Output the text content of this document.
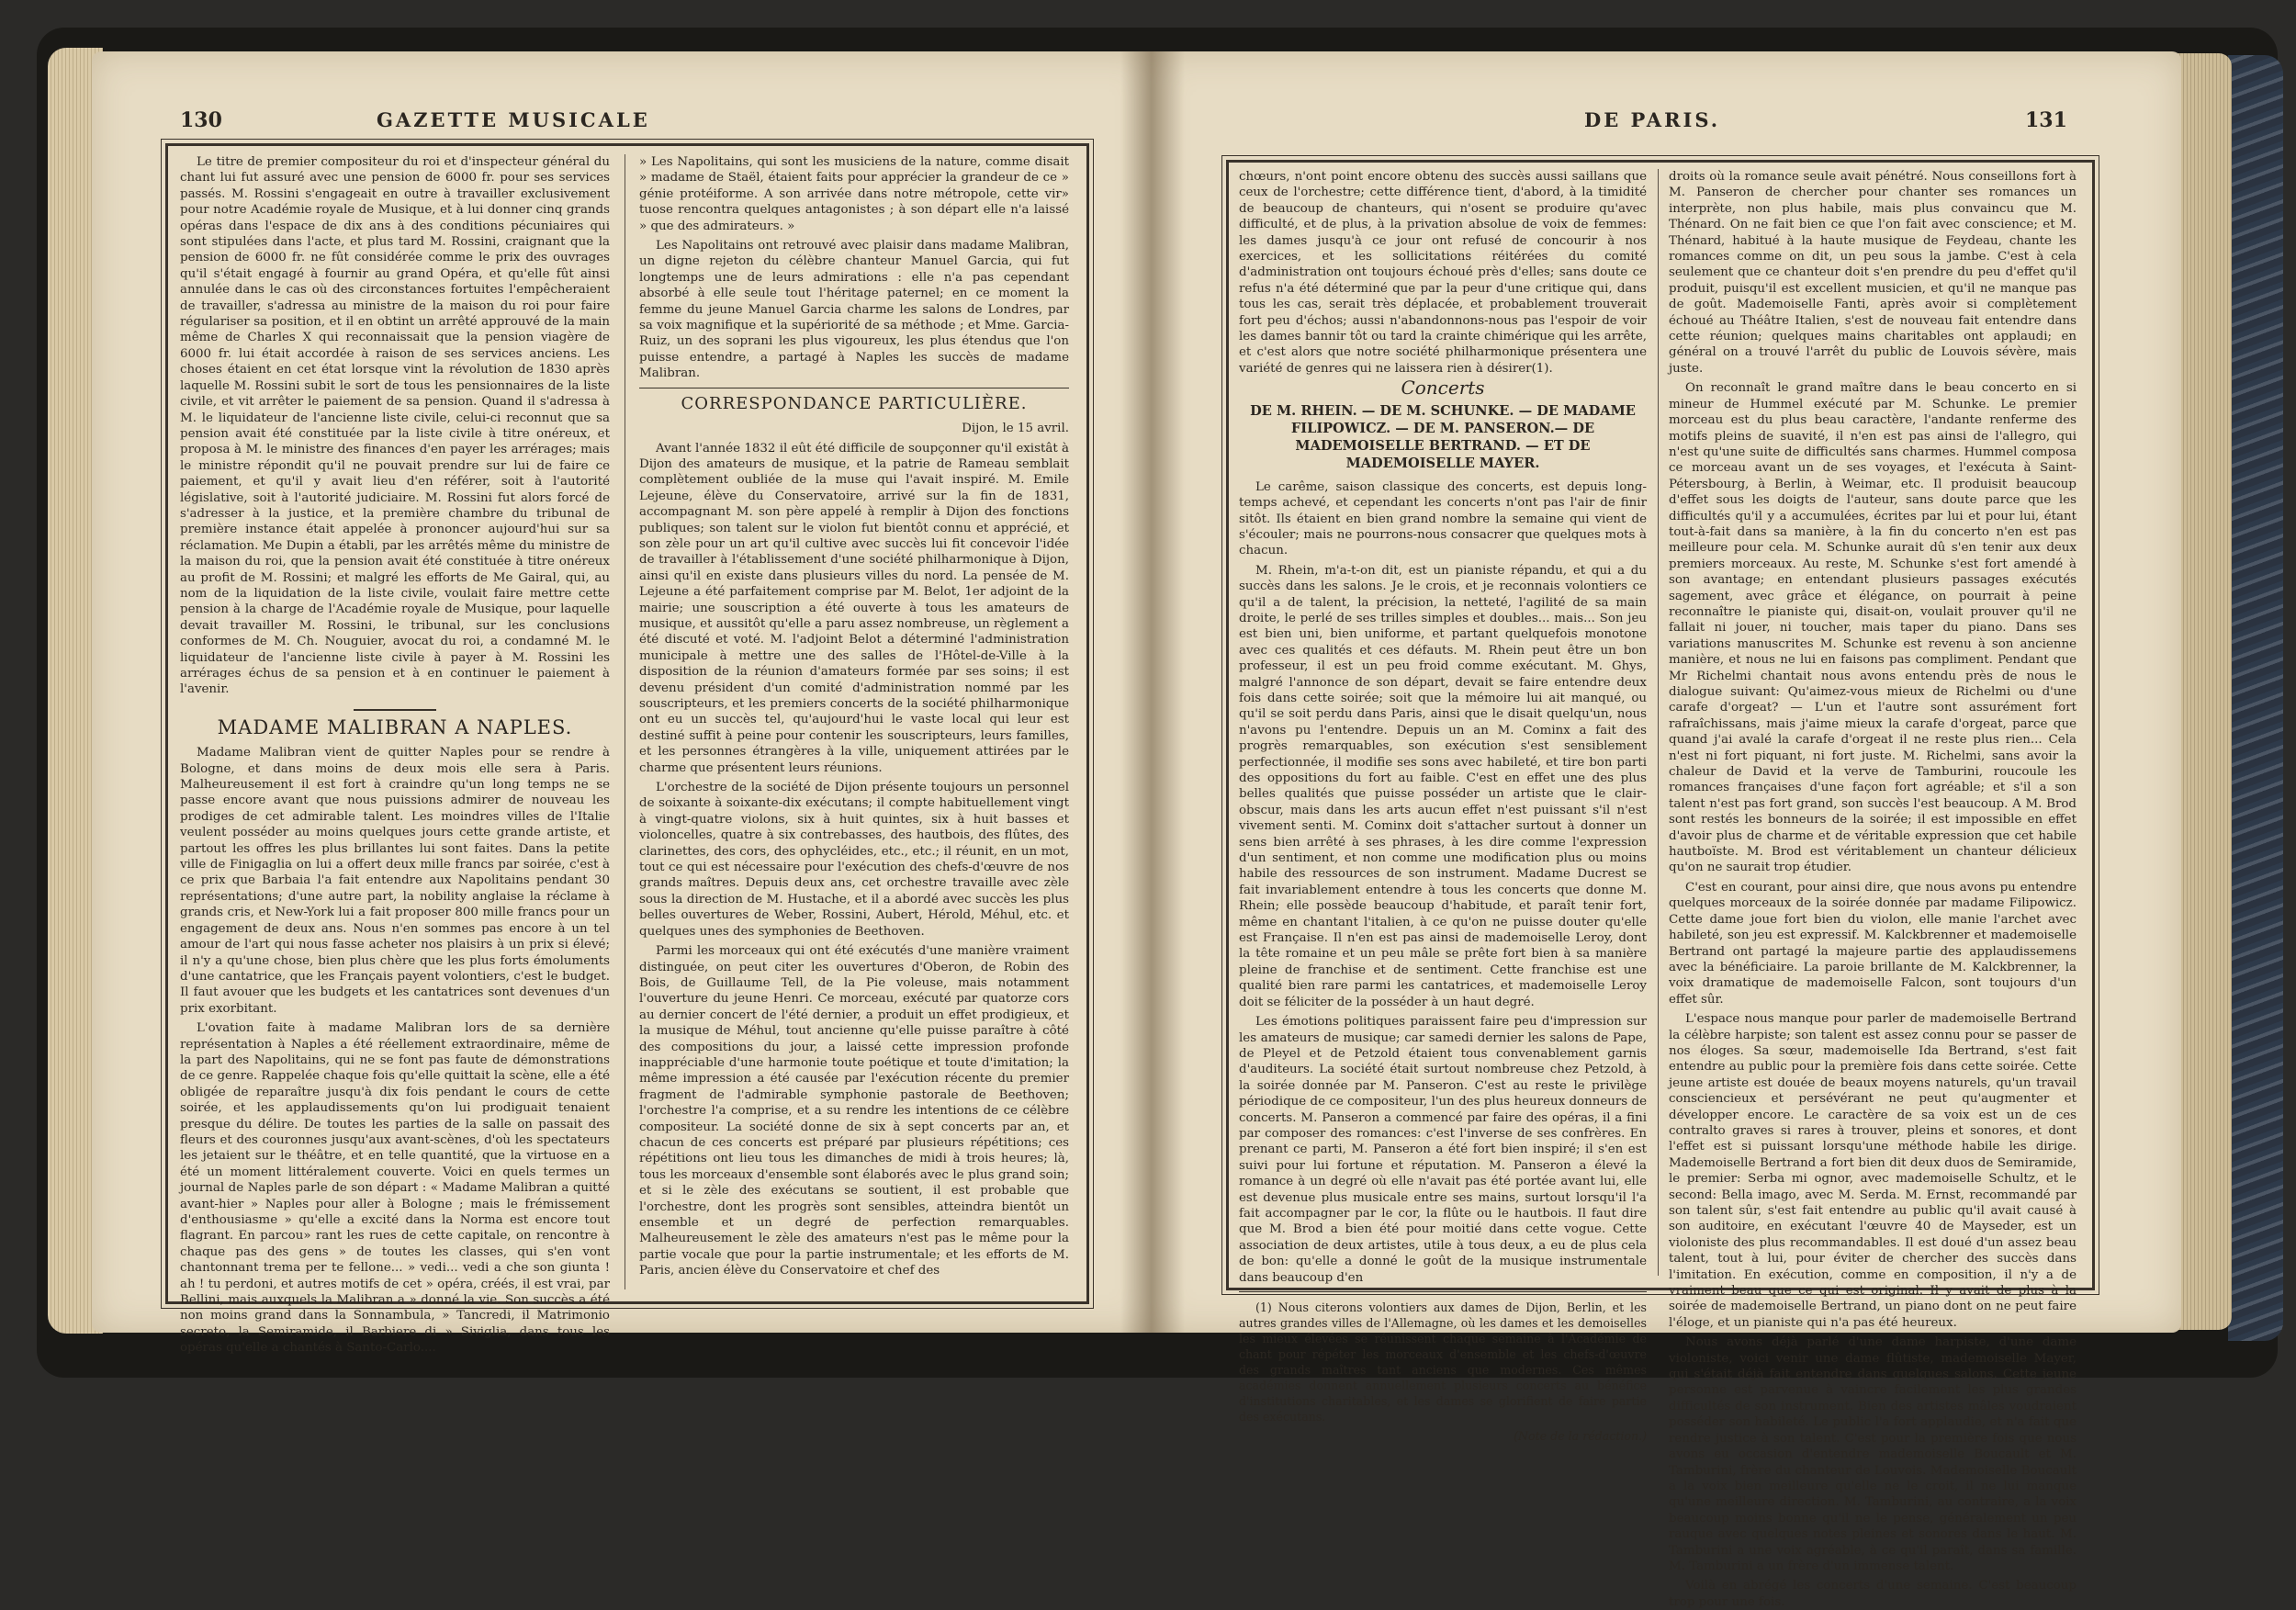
130	GAZETTE MUSICALE

Le titre de premier compositeur du roi et d'inspecteur général du chant lui fut assuré avec une pension de 6000 fr. pour ses services passés. M. Rossini s'engageait en outre à travailler exclusivement pour notre Académie royale de Musique, et à lui donner cinq grands opéras dans l'espace de dix ans à des conditions pécuniaires qui sont stipulées dans l'acte, et plus tard M. Rossini, craignant que la pension de 6000 fr. ne fût considérée comme le prix des ouvrages qu'il s'était engagé à fournir au grand Opéra, et qu'elle fût ainsi annulée dans le cas où des circonstances fortuites l'empêcheraient de travailler, s'adressa au ministre de la maison du roi pour faire régulariser sa position, et il en obtint un arrêté approuvé de la main même de Charles X qui reconnaissait que la pension viagère de 6000 fr. lui était accordée à raison de ses services anciens. Les choses étaient en cet état lorsque vint la révolution de 1830 après laquelle M. Rossini subit le sort de tous les pensionnaires de la liste civile, et vit arrêter le paiement de sa pension. Quand il s'adressa à M. le liquidateur de l'ancienne liste civile, celui-ci reconnut que sa pension avait été constituée par la liste civile à titre onéreux, et proposa à M. le ministre des finances d'en payer les arrérages; mais le ministre répondit qu'il ne pouvait prendre sur lui de faire ce paiement, et qu'il y avait lieu d'en référer, soit à l'autorité législative, soit à l'autorité judiciaire. M. Rossini fut alors forcé de s'adresser à la justice, et la première chambre du tribunal de première instance était appelée à prononcer aujourd'hui sur sa réclamation. Me Dupin a établi, par les arrêtés même du ministre de la maison du roi, que la pension avait été constituée à titre onéreux au profit de M. Rossini; et malgré les efforts de Me Gairal, qui, au nom de la liquidation de la liste civile, voulait faire mettre cette pension à la charge de l'Académie royale de Musique, pour laquelle devait travailler M. Rossini, le tribunal, sur les conclusions conformes de M. Ch. Nouguier, avocat du roi, a condamné M. le liquidateur de l'ancienne liste civile à payer à M. Rossini les arrérages échus de sa pension et à en continuer le paiement à l'avenir.

MADAME MALIBRAN A NAPLES.

Madame Malibran vient de quitter Naples pour se rendre à Bologne, et dans moins de deux mois elle sera à Paris. Malheureusement il est fort à craindre qu'un long temps ne se passe encore avant que nous puissions admirer de nouveau les prodiges de cet admirable talent. Les moindres villes de l'Italie veulent posséder au moins quelques jours cette grande artiste, et partout les offres les plus brillantes lui sont faites. Dans la petite ville de Finigaglia on lui a offert deux mille francs par soirée, c'est à ce prix que Barbaia l'a fait entendre aux Napolitains pendant 30 représentations; d'une autre part, la nobility anglaise la réclame à grands cris, et New-York lui a fait proposer 800 mille francs pour un engagement de deux ans. Nous n'en sommes pas encore à un tel amour de l'art qui nous fasse acheter nos plaisirs à un prix si élevé; il n'y a qu'une chose, bien plus chère que les plus forts émoluments d'une cantatrice, que les Français payent volontiers, c'est le budget. Il faut avouer que les budgets et les cantatrices sont devenues d'un prix exorbitant.

L'ovation faite à madame Malibran lors de sa dernière représentation à Naples a été réellement extraordinaire, même de la part des Napolitains, qui ne se font pas faute de démonstrations de ce genre. Rappelée chaque fois qu'elle quittait la scène, elle a été obligée de reparaître jusqu'à dix fois pendant le cours de cette soirée, et les applaudissements qu'on lui prodiguait tenaient presque du délire. De toutes les parties de la salle on passait des fleurs et des couronnes jusqu'aux avant-scènes, d'où les spectateurs les jetaient sur le théâtre, et en telle quantité, que la virtuose en a été un moment littéralement couverte. Voici en quels termes un journal de Naples parle de son départ : « Madame Malibran a quitté avant-hier » Naples pour aller à Bologne ; mais le frémissement d'enthousiasme » qu'elle a excité dans la Norma est encore tout flagrant. En parcou» rant les rues de cette capitale, on rencontre à chaque pas des gens » de toutes les classes, qui s'en vont chantonnant trema per te fellone... » vedi... vedi a che son giunta ! ah ! tu perdoni, et autres motifs de cet » opéra, créés, il est vrai, par Bellini, mais auxquels la Malibran a » donné la vie. Son succès a été non moins grand dans la Sonnambula, » Tancredi, il Matrimonio secreto, la Semiramide, il Barbiere di » Siviglia, dans tous les opéras qu'elle a chantés à Santo-Carlo....

» Les Napolitains, qui sont les musiciens de la nature, comme disait » madame de Staël, étaient faits pour apprécier la grandeur de ce » génie protéiforme. A son arrivée dans notre métropole, cette vir» tuose rencontra quelques antagonistes ; à son départ elle n'a laissé » que des admirateurs. »

Les Napolitains ont retrouvé avec plaisir dans madame Malibran, un digne rejeton du célèbre chanteur Manuel Garcia, qui fut longtemps une de leurs admirations : elle n'a pas cependant absorbé à elle seule tout l'héritage paternel; en ce moment la femme du jeune Manuel Garcia charme les salons de Londres, par sa voix magnifique et la supériorité de sa méthode ; et Mme. Garcia-Ruiz, un des soprani les plus vigoureux, les plus étendus que l'on puisse entendre, a partagé à Naples les succès de madame Malibran.

CORRESPONDANCE PARTICULIÈRE.

Dijon, le 15 avril.

Avant l'année 1832 il eût été difficile de soupçonner qu'il existât à Dijon des amateurs de musique, et la patrie de Rameau semblait complètement oubliée de la muse qui l'avait inspiré. M. Emile Lejeune, élève du Conservatoire, arrivé sur la fin de 1831, accompagnant M. son père appelé à remplir à Dijon des fonctions publiques; son talent sur le violon fut bientôt connu et apprécié, et son zèle pour un art qu'il cultive avec succès lui fit concevoir l'idée de travailler à l'établissement d'une société philharmonique à Dijon, ainsi qu'il en existe dans plusieurs villes du nord. La pensée de M. Lejeune a été parfaitement comprise par M. Belot, 1er adjoint de la mairie; une souscription a été ouverte à tous les amateurs de musique, et aussitôt qu'elle a paru assez nombreuse, un règlement a été discuté et voté. M. l'adjoint Belot a déterminé l'administration municipale à mettre une des salles de l'Hôtel-de-Ville à la disposition de la réunion d'amateurs formée par ses soins; il est devenu président d'un comité d'administration nommé par les souscripteurs, et les premiers concerts de la société philharmonique ont eu un succès tel, qu'aujourd'hui le vaste local qui leur est destiné suffit à peine pour contenir les souscripteurs, leurs familles, et les personnes étrangères à la ville, uniquement attirées par le charme que présentent leurs réunions.

L'orchestre de la société de Dijon présente toujours un personnel de soixante à soixante-dix exécutans; il compte habituellement vingt à vingt-quatre violons, six à huit quintes, six à huit basses et violoncelles, quatre à six contrebasses, des hautbois, des flûtes, des clarinettes, des cors, des ophycléides, etc., etc.; il réunit, en un mot, tout ce qui est nécessaire pour l'exécution des chefs-d'œuvre de nos grands maîtres. Depuis deux ans, cet orchestre travaille avec zèle sous la direction de M. Hustache, et il a abordé avec succès les plus belles ouvertures de Weber, Rossini, Aubert, Hérold, Méhul, etc. et quelques unes des symphonies de Beethoven.

Parmi les morceaux qui ont été exécutés d'une manière vraiment distinguée, on peut citer les ouvertures d'Oberon, de Robin des Bois, de Guillaume Tell, de la Pie voleuse, mais notamment l'ouverture du jeune Henri. Ce morceau, exécuté par quatorze cors au dernier concert de l'été dernier, a produit un effet prodigieux, et la musique de Méhul, tout ancienne qu'elle puisse paraître à côté des compositions du jour, a laissé cette impression profonde inappréciable d'une harmonie toute poétique et toute d'imitation; la même impression a été causée par l'exécution récente du premier fragment de l'admirable symphonie pastorale de Beethoven; l'orchestre l'a comprise, et a su rendre les intentions de ce célèbre compositeur. La société donne de six à sept concerts par an, et chacun de ces concerts est préparé par plusieurs répétitions; ces répétitions ont lieu tous les dimanches de midi à trois heures; là, tous les morceaux d'ensemble sont élaborés avec le plus grand soin; et si le zèle des exécutans se soutient, il est probable que l'orchestre, dont les progrès sont sensibles, atteindra bientôt un ensemble et un degré de perfection remarquables. Malheureusement le zèle des amateurs n'est pas le même pour la partie vocale que pour la partie instrumentale; et les efforts de M. Paris, ancien élève du Conservatoire et chef des

DE PARIS.	131

chœurs, n'ont point encore obtenu des succès aussi saillans que ceux de l'orchestre; cette différence tient, d'abord, à la timidité de beaucoup de chanteurs, qui n'osent se produire qu'avec difficulté, et de plus, à la privation absolue de voix de femmes: les dames jusqu'à ce jour ont refusé de concourir à nos exercices, et les sollicitations réitérées du comité d'administration ont toujours échoué près d'elles; sans doute ce refus n'a été déterminé que par la peur d'une critique qui, dans tous les cas, serait très déplacée, et probablement trouverait fort peu d'échos; aussi n'abandonnons-nous pas l'espoir de voir les dames bannir tôt ou tard la crainte chimérique qui les arrête, et c'est alors que notre société philharmonique présentera une variété de genres qui ne laissera rien à désirer(1).

Concerts
DE M. RHEIN. — DE M. SCHUNKE. — DE MADAME FILIPOWICZ. — DE M. PANSERON.— DE MADEMOISELLE BERTRAND. — ET DE MADEMOISELLE MAYER.

Le carême, saison classique des concerts, est depuis long-temps achevé, et cependant les concerts n'ont pas l'air de finir sitôt. Ils étaient en bien grand nombre la semaine qui vient de s'écouler; mais ne pourrons-nous consacrer que quelques mots à chacun.

M. Rhein, m'a-t-on dit, est un pianiste répandu, et qui a du succès dans les salons. Je le crois, et je reconnais volontiers ce qu'il a de talent, la précision, la netteté, l'agilité de sa main droite, le perlé de ses trilles simples et doubles... mais... Son jeu est bien uni, bien uniforme, et partant quelquefois monotone avec ces qualités et ces défauts. M. Rhein peut être un bon professeur, il est un peu froid comme exécutant. M. Ghys, malgré l'annonce de son départ, devait se faire entendre deux fois dans cette soirée; soit que la mémoire lui ait manqué, ou qu'il se soit perdu dans Paris, ainsi que le disait quelqu'un, nous n'avons pu l'entendre. Depuis un an M. Cominx a fait des progrès remarquables, son exécution s'est sensiblement perfectionnée, il modifie ses sons avec habileté, et tire bon parti des oppositions du fort au faible. C'est en effet une des plus belles qualités que puisse posséder un artiste que le clair-obscur, mais dans les arts aucun effet n'est puissant s'il n'est vivement senti. M. Cominx doit s'attacher surtout à donner un sens bien arrêté à ses phrases, à les dire comme l'expression d'un sentiment, et non comme une modification plus ou moins habile des ressources de son instrument. Madame Ducrest se fait invariablement entendre à tous les concerts que donne M. Rhein; elle possède beaucoup d'habitude, et paraît tenir fort, même en chantant l'italien, à ce qu'on ne puisse douter qu'elle est Française. Il n'en est pas ainsi de mademoiselle Leroy, dont la tête romaine et un peu mâle se prête fort bien à sa manière pleine de franchise et de sentiment. Cette franchise est une qualité bien rare parmi les cantatrices, et mademoiselle Leroy doit se féliciter de la posséder à un haut degré.

Les émotions politiques paraissent faire peu d'impression sur les amateurs de musique; car samedi dernier les salons de Pape, de Pleyel et de Petzold étaient tous convenablement garnis d'auditeurs. La société était surtout nombreuse chez Petzold, à la soirée donnée par M. Panseron. C'est au reste le privilège périodique de ce compositeur, l'un des plus heureux donneurs de concerts. M. Panseron a commencé par faire des opéras, il a fini par composer des romances: c'est l'inverse de ses confrères. En prenant ce parti, M. Panseron a été fort bien inspiré; il s'en est suivi pour lui fortune et réputation. M. Panseron a élevé la romance à un degré où elle n'avait pas été portée avant lui, elle est devenue plus musicale entre ses mains, surtout lorsqu'il l'a fait accompagner par le cor, la flûte ou le hautbois. Il faut dire que M. Brod a bien été pour moitié dans cette vogue. Cette association de deux artistes, utile à tous deux, a eu de plus cela de bon: qu'elle a donné le goût de la musique instrumentale dans beaucoup d'en

(1) Nous citerons volontiers aux dames de Dijon, Berlin, et les autres grandes villes de l'Allemagne, où les dames et les demoiselles les mieux élevées se réunissent chaque semaine à l'Académie de chant pour répéter les morceaux d'ensemble et les chefs-d'œuvre des grands maîtres tant anciens que modernes. Ces mêmes académies donnent annuellement plusieurs concerts au bénéfice d'institutions charitables, et les dames se glorifient de faire partie des exécutans.

(Note de la rédaction.)

droits où la romance seule avait pénétré. Nous conseillons fort à M. Panseron de chercher pour chanter ses romances un interprète, non plus habile, mais plus convaincu que M. Thénard. On ne fait bien ce que l'on fait avec conscience; et M. Thénard, habitué à la haute musique de Feydeau, chante les romances comme on dit, un peu sous la jambe. C'est à cela seulement que ce chanteur doit s'en prendre du peu d'effet qu'il produit, puisqu'il est excellent musicien, et qu'il ne manque pas de goût. Mademoiselle Fanti, après avoir si complètement échoué au Théâtre Italien, s'est de nouveau fait entendre dans cette réunion; quelques mains charitables ont applaudi; en général on a trouvé l'arrêt du public de Louvois sévère, mais juste.

On reconnaît le grand maître dans le beau concerto en si mineur de Hummel exécuté par M. Schunke. Le premier morceau est du plus beau caractère, l'andante renferme des motifs pleins de suavité, il n'en est pas ainsi de l'allegro, qui n'est qu'une suite de difficultés sans charmes. Hummel composa ce morceau avant un de ses voyages, et l'exécuta à Saint-Pétersbourg, à Berlin, à Weimar, etc. Il produisit beaucoup d'effet sous les doigts de l'auteur, sans doute parce que les difficultés qu'il y a accumulées, écrites par lui et pour lui, étant tout-à-fait dans sa manière, à la fin du concerto n'en est pas meilleure pour cela. M. Schunke aurait dû s'en tenir aux deux premiers morceaux. Au reste, M. Schunke s'est fort amendé à son avantage; en entendant plusieurs passages exécutés sagement, avec grâce et élégance, on pourrait à peine reconnaître le pianiste qui, disait-on, voulait prouver qu'il ne fallait ni jouer, ni toucher, mais taper du piano. Dans ses variations manuscrites M. Schunke est revenu à son ancienne manière, et nous ne lui en faisons pas compliment. Pendant que Mr Richelmi chantait nous avons entendu près de nous le dialogue suivant: Qu'aimez-vous mieux de Richelmi ou d'une carafe d'orgeat? — L'un et l'autre sont assurément fort rafraîchissans, mais j'aime mieux la carafe d'orgeat, parce que quand j'ai avalé la carafe d'orgeat il ne reste plus rien... Cela n'est ni fort piquant, ni fort juste. M. Richelmi, sans avoir la chaleur de David et la verve de Tamburini, roucoule les romances françaises d'une façon fort agréable; et s'il a son talent n'est pas fort grand, son succès l'est beaucoup. A M. Brod sont restés les bonneurs de la soirée; il est impossible en effet d'avoir plus de charme et de véritable expression que cet habile hautboïste. M. Brod est véritablement un chanteur délicieux qu'on ne saurait trop étudier.

C'est en courant, pour ainsi dire, que nous avons pu entendre quelques morceaux de la soirée donnée par madame Filipowicz. Cette dame joue fort bien du violon, elle manie l'archet avec habileté, son jeu est expressif. M. Kalckbrenner et mademoiselle Bertrand ont partagé la majeure partie des applaudissemens avec la bénéficiaire. La paroie brillante de M. Kalckbrenner, la voix dramatique de mademoiselle Falcon, sont toujours d'un effet sûr.

L'espace nous manque pour parler de mademoiselle Bertrand la célèbre harpiste; son talent est assez connu pour se passer de nos éloges. Sa sœur, mademoiselle Ida Bertrand, s'est fait entendre au public pour la première fois dans cette soirée. Cette jeune artiste est douée de beaux moyens naturels, qu'un travail consciencieux et persévérant ne peut qu'augmenter et développer encore. Le caractère de sa voix est un de ces contralto graves si rares à trouver, pleins et sonores, et dont l'effet est si puissant lorsqu'une méthode habile les dirige. Mademoiselle Bertrand a fort bien dit deux duos de Semiramide, le premier: Serba mi ognor, avec mademoiselle Schultz, et le second: Bella imago, avec M. Serda. M. Ernst, recommandé par son talent sûr, s'est fait entendre au public qu'il avait causé à son auditoire, en exécutant l'œuvre 40 de Mayseder, est un violoniste des plus recommandables. Il est doué d'un assez beau talent, tout à lui, pour éviter de chercher des succès dans l'imitation. En exécution, comme en composition, il n'y a de vraiment beau que ce qui est original. Il y avait de plus à la soirée de mademoiselle Bertrand, un piano dont on ne peut faire l'éloge, et un pianiste qui n'a pas été heureux.

Nous avons déjà parlé d'une dame harpiste, d'une dame violoniste, voici venir une dame flûtiste, mademoiselle Mayer, qui s'était déjà fait entendre dans quelques salons. Cette jeune personne est parvenue à vaincre facilement les plus grandes difficultés de son instrument. Bien des artistes mâles voudraient posséder son habileté. Le public l'a fort applaudie, et n'a fait que rendre justice à son talent. C'est pour la première fois que nous avons eu occasion d'entendre mademoiselle Boucault et M. Tamburini, frère du chanteur de Louvois. Mademoiselle Boucault a la voix bien meilleure qu'elle ne le croit, il ne lui manque qu'une meilleure direction. M. Tamburini, au contraire, a la voix beaucoup moins bonne qu'il ne le pense, généralement un peu rauque avec quelques notes pleines et sonores dans le haut. M. Tamburini a une voix agréable, à ce qu'il paraît, dans sa famille. M. Tamburini a un frère d'un immense talent.

Voilà en abrégé les concerts d'une semaine. C'est beaucoup trop pour une fois.
